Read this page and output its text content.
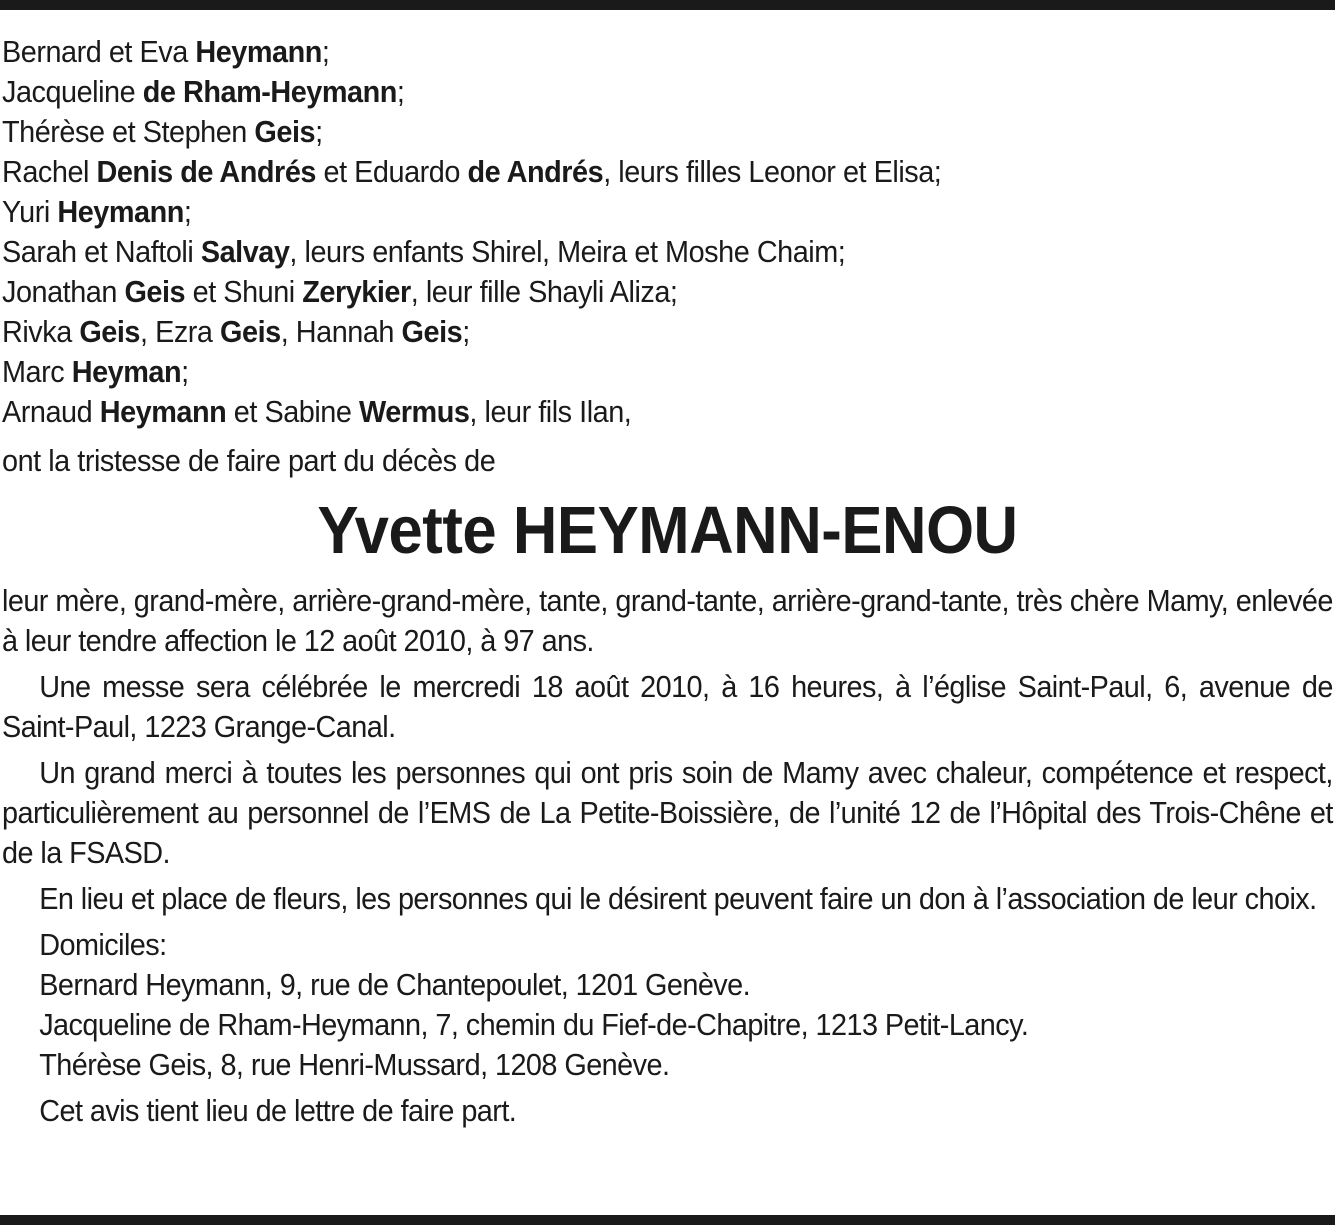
Bernard et Eva Heymann;
Jacqueline de Rham-Heymann;
Thérèse et Stephen Geis;
Rachel Denis de Andrés et Eduardo de Andrés, leurs filles Leonor et Elisa;
Yuri Heymann;
Sarah et Naftoli Salvay, leurs enfants Shirel, Meira et Moshe Chaim;
Jonathan Geis et Shuni Zerykier, leur fille Shayli Aliza;
Rivka Geis, Ezra Geis, Hannah Geis;
Marc Heyman;
Arnaud Heymann et Sabine Wermus, leur fils Ilan,
ont la tristesse de faire part du décès de
Yvette HEYMANN-ENOU
leur mère, grand-mère, arrière-grand-mère, tante, grand-tante, arrière-grand-tante, très chère Mamy, enlevée à leur tendre affection le 12 août 2010, à 97 ans.
Une messe sera célébrée le mercredi 18 août 2010, à 16 heures, à l’église Saint-Paul, 6, avenue de Saint-Paul, 1223 Grange-Canal.
Un grand merci à toutes les personnes qui ont pris soin de Mamy avec chaleur, compétence et respect, particulièrement au personnel de l’EMS de La Petite-Boissière, de l’unité 12 de l’Hôpital des Trois-Chêne et de la FSASD.
En lieu et place de fleurs, les personnes qui le désirent peuvent faire un don à l’association de leur choix.
Domiciles:
Bernard Heymann, 9, rue de Chantepoulet, 1201 Genève.
Jacqueline de Rham-Heymann, 7, chemin du Fief-de-Chapitre, 1213 Petit-Lancy.
Thérèse Geis, 8, rue Henri-Mussard, 1208 Genève.
Cet avis tient lieu de lettre de faire part.
